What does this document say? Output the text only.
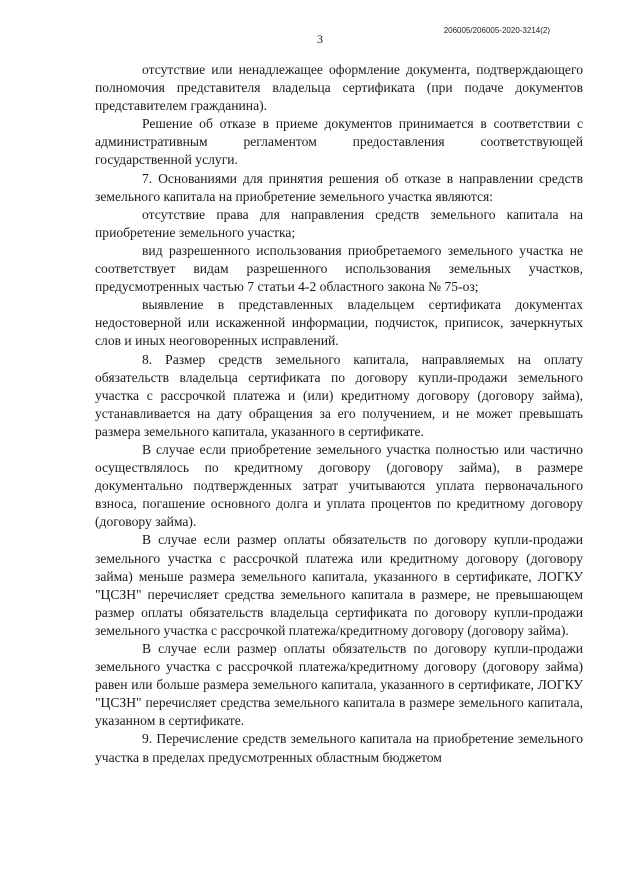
206005/206005-2020-3214(2)
3

отсутствие или ненадлежащее оформление документа, подтверждающего полномочия представителя владельца сертификата (при подаче документов представителем гражданина).

Решение об отказе в приеме документов принимается в соответствии с административным регламентом предоставления соответствующей государственной услуги.

7. Основаниями для принятия решения об отказе в направлении средств земельного капитала на приобретение земельного участка являются:

отсутствие права для направления средств земельного капитала на приобретение земельного участка;

вид разрешенного использования приобретаемого земельного участка не соответствует видам разрешенного использования земельных участков, предусмотренных частью 7 статьи 4-2 областного закона № 75-оз;

выявление в представленных владельцем сертификата документах недостоверной или искаженной информации, подчисток, приписок, зачеркнутых слов и иных неоговоренных исправлений.

8. Размер средств земельного капитала, направляемых на оплату обязательств владельца сертификата по договору купли-продажи земельного участка с рассрочкой платежа и (или) кредитному договору (договору займа), устанавливается на дату обращения за его получением, и не может превышать размера земельного капитала, указанного в сертификате.

В случае если приобретение земельного участка полностью или частично осуществлялось по кредитному договору (договору займа), в размере документально подтвержденных затрат учитываются уплата первоначального взноса, погашение основного долга и уплата процентов по кредитному договору (договору займа).

В случае если размер оплаты обязательств по договору купли-продажи земельного участка с рассрочкой платежа или кредитному договору (договору займа) меньше размера земельного капитала, указанного в сертификате, ЛОГКУ "ЦСЗН" перечисляет средства земельного капитала в размере, не превышающем размер оплаты обязательств владельца сертификата по договору купли-продажи земельного участка с рассрочкой платежа/кредитному договору (договору займа).

В случае если размер оплаты обязательств по договору купли-продажи земельного участка с рассрочкой платежа/кредитному договору (договору займа) равен или больше размера земельного капитала, указанного в сертификате, ЛОГКУ "ЦСЗН" перечисляет средства земельного капитала в размере земельного капитала, указанном в сертификате.

9. Перечисление средств земельного капитала на приобретение земельного участка в пределах предусмотренных областным бюджетом
